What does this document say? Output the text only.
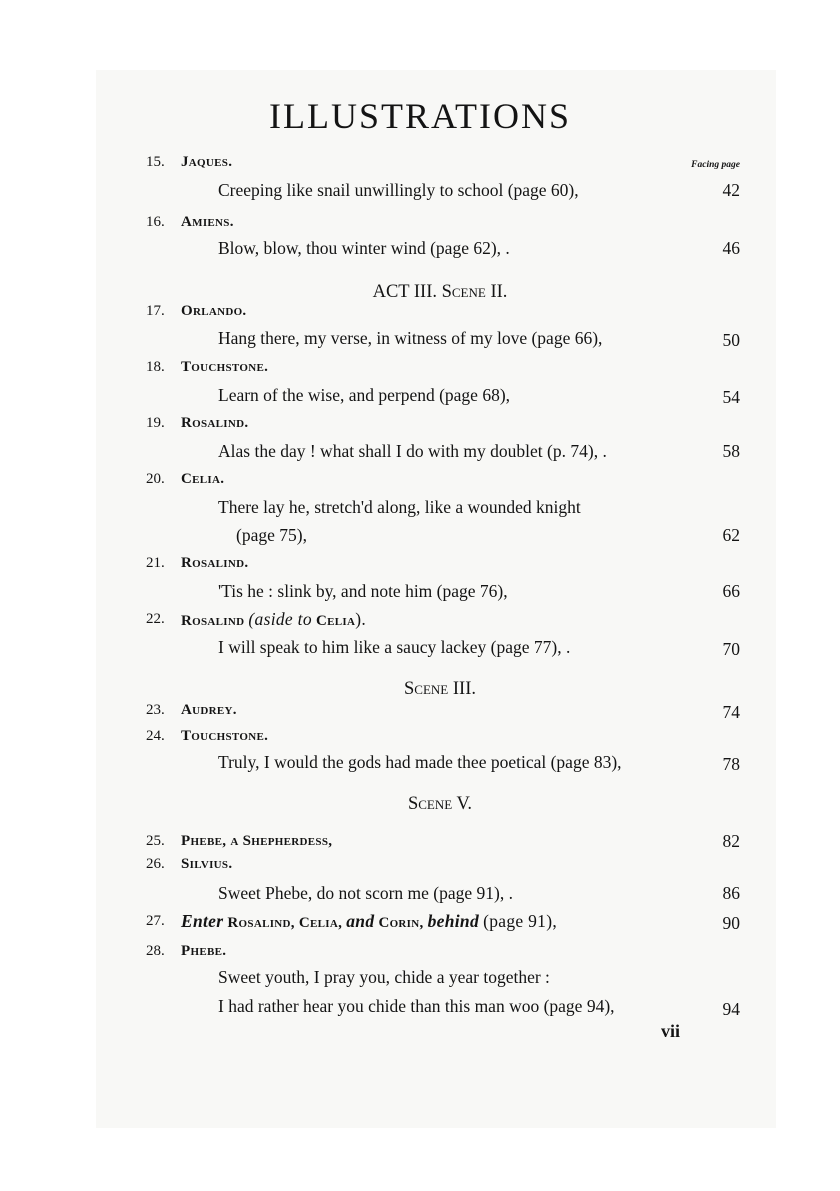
ILLUSTRATIONS
Facing page
15.	Jaques.
Creeping like snail unwillingly to school (page 60),	42
16.	Amiens.
Blow, blow, thou winter wind (page 62), .	46
ACT III. Scene II.
17.	Orlando.
Hang there, my verse, in witness of my love (page 66),	50
18.	Touchstone.
Learn of the wise, and perpend (page 68),	54
19.	Rosalind.
Alas the day ! what shall I do with my doublet (p. 74), .	58
20.	Celia.
There lay he, stretch'd along, like a wounded knight
(page 75),	62
21.	Rosalind.
'Tis he : slink by, and note him (page 76),	66
22.	Rosalind (aside to Celia).
I will speak to him like a saucy lackey (page 77), .	70
Scene III.
23.	Audrey.	74
24.	Touchstone.
Truly, I would the gods had made thee poetical (page 83),	78
Scene V.
25.	Phebe, a Shepherdess,	82
26.	Silvius.
Sweet Phebe, do not scorn me (page 91), .	86
27. Enter Rosalind, Celia, and Corin, behind (page 91),	90
28.	Phebe.
Sweet youth, I pray you, chide a year together :
I had rather hear you chide than this man woo (page 94),	94
vii
